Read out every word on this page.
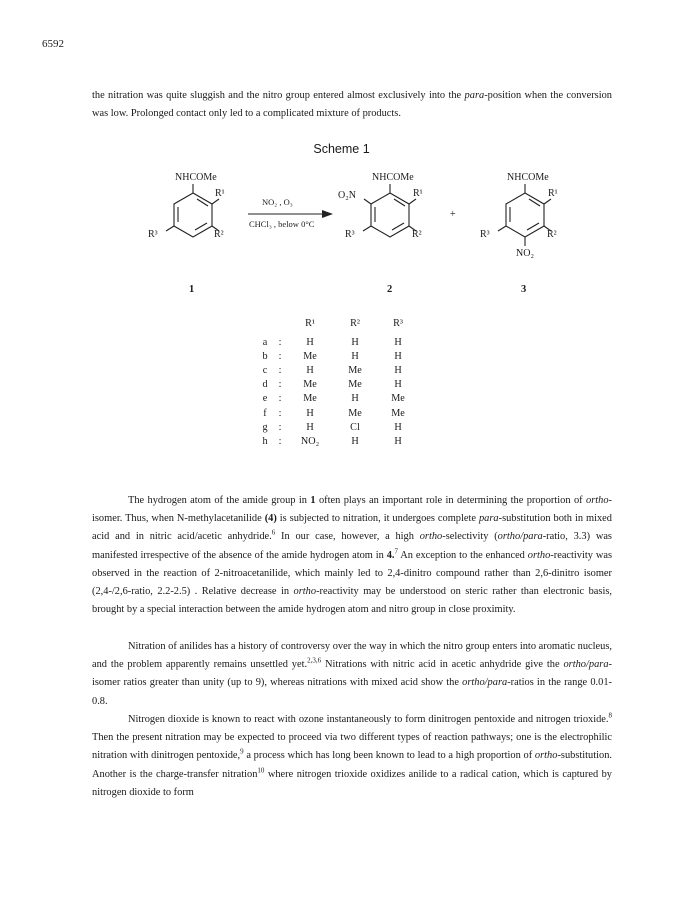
6592
the nitration was quite sluggish and the nitro group entered almost exclusively into the para-position when the conversion was low. Prolonged contact only led to a complicated mixture of products.
Scheme 1
NHCOMe
R¹
R²
R³
NO₂ , O₃
CHCl₃ , below 0°C
NHCOMe
O₂N	R¹
R²
R³
+
NHCOMe
R¹
R²
R³
NO₂
1	2	3
		R¹	R²	R³
a	:	H	H	H
b	:	Me	H	H
c	:	H	Me	H
d	:	Me	Me	H
e	:	Me	H	Me
f	:	H	Me	Me
g	:	H	Cl	H
h	:	NO₂	H	H
The hydrogen atom of the amide group in 1 often plays an important role in determining the proportion of ortho-isomer. Thus, when N-methylacetanilide (4) is subjected to nitration, it undergoes complete para-substitution both in mixed acid and in nitric acid/acetic anhydride.$^6$ In our case, however, a high ortho-selectivity (ortho/para-ratio, 3.3) was manifested irrespective of the absence of the amide hydrogen atom in 4.$^7$ An exception to the enhanced ortho-reactivity was observed in the reaction of 2-nitroacetanilide, which mainly led to 2,4-dinitro compound rather than 2,6-dinitro isomer (2,4-/2,6-ratio, 2.2-2.5) . Relative decrease in ortho-reactivity may be understood on steric rather than electronic basis, brought by a special interaction between the amide hydrogen atom and nitro group in close proximity.
Nitration of anilides has a history of controversy over the way in which the nitro group enters into aromatic nucleus, and the problem apparently remains unsettled yet.$^{2,3,6}$ Nitrations with nitric acid in acetic anhydride give the ortho/para-isomer ratios greater than unity (up to 9), whereas nitrations with mixed acid show the ortho/para-ratios in the range 0.01-0.8.
Nitrogen dioxide is known to react with ozone instantaneously to form dinitrogen pentoxide and nitrogen trioxide.$^8$ Then the present nitration may be expected to proceed via two different types of reaction pathways; one is the electrophilic nitration with dinitrogen pentoxide,$^9$ a process which has long been known to lead to a high proportion of ortho-substitution. Another is the charge-transfer nitration$^{10}$ where nitrogen trioxide oxidizes anilide to a radical cation, which is captured by nitrogen dioxide to form
